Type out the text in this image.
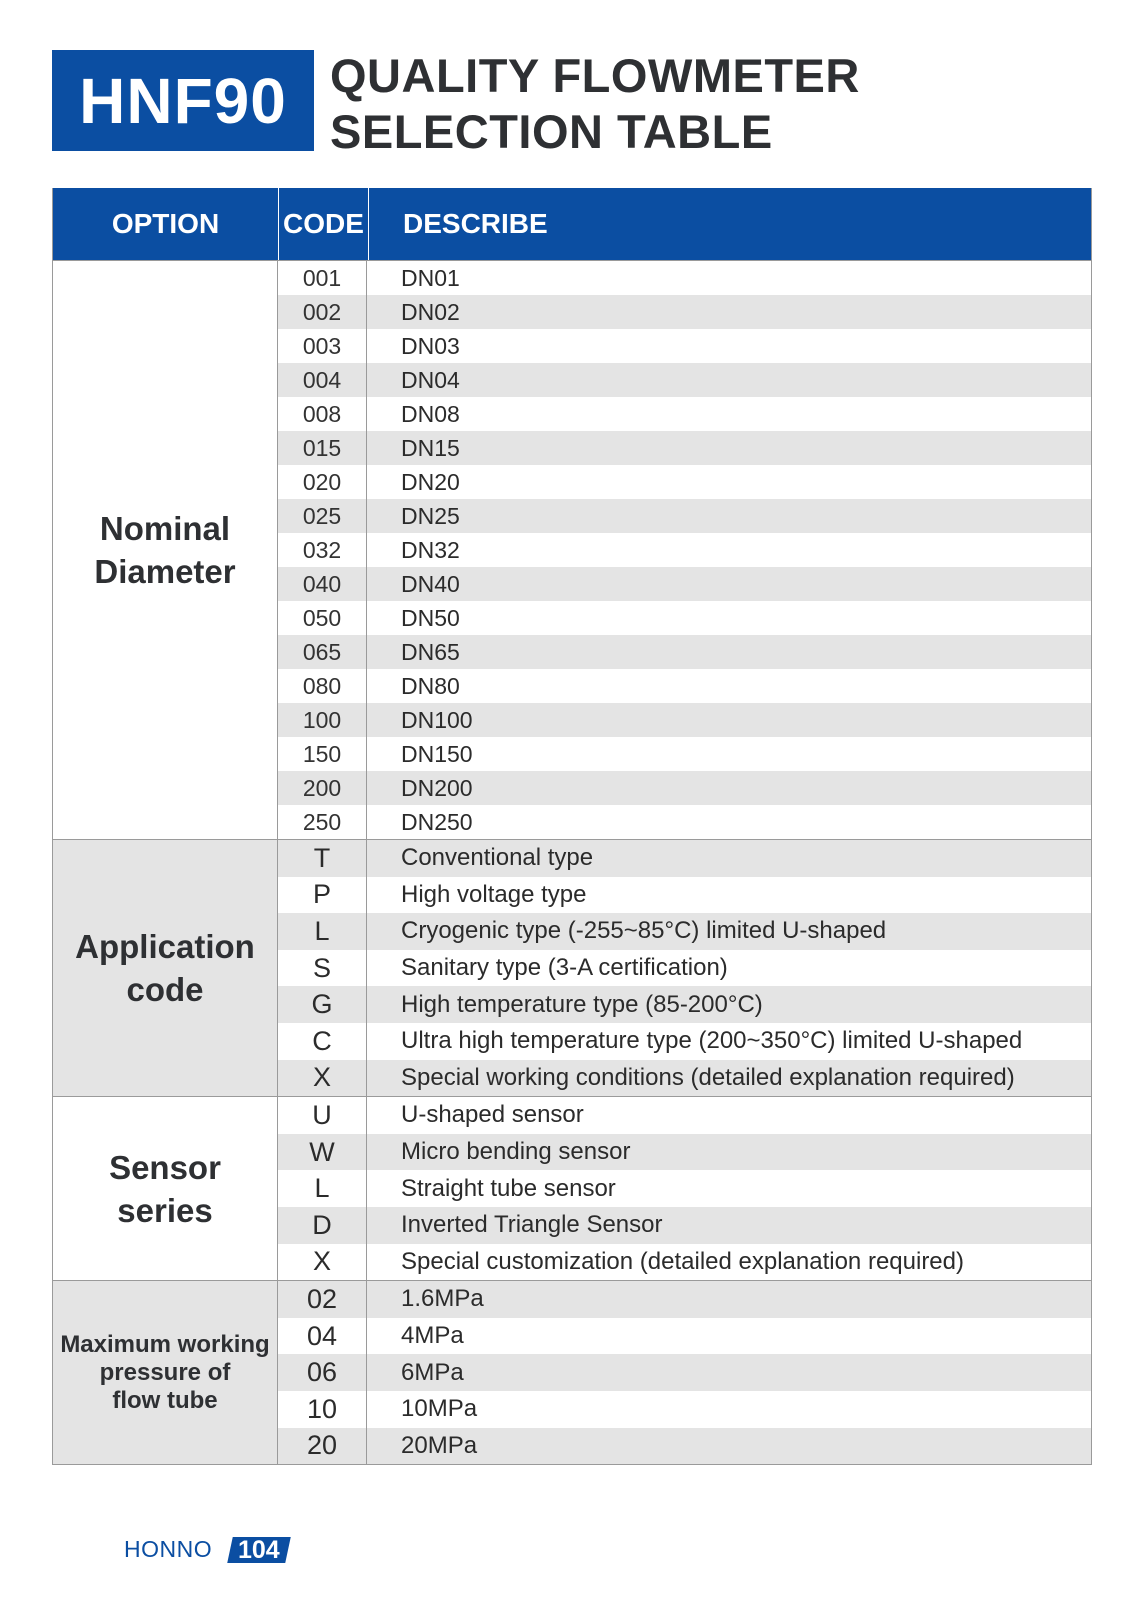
HNF90 QUALITY FLOWMETER
SELECTION TABLE
OPTION	CODE	DESCRIBE
Nominal
Diameter
001	DN01
002	DN02
003	DN03
004	DN04
008	DN08
015	DN15
020	DN20
025	DN25
032	DN32
040	DN40
050	DN50
065	DN65
080	DN80
100	DN100
150	DN150
200	DN200
250	DN250
Application
code
T	Conventional type
P	High voltage type
L	Cryogenic type (-255~85°C) limited U-shaped
S	Sanitary type (3-A certification)
G	High temperature type (85-200°C)
C	Ultra high temperature type (200~350°C) limited U-shaped
X	Special working conditions (detailed explanation required)
Sensor
series
U	U-shaped sensor
W	Micro bending sensor
L	Straight tube sensor
D	Inverted Triangle Sensor
X	Special customization (detailed explanation required)
Maximum working
pressure of
flow tube
02	1.6MPa
04	4MPa
06	6MPa
10	10MPa
20	20MPa
HONNO	104
